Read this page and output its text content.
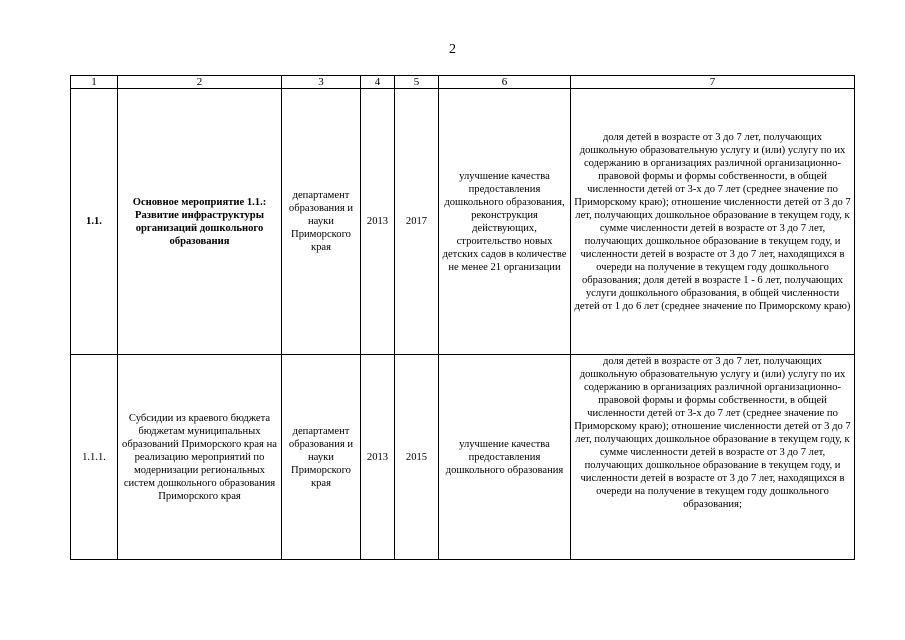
2
1	2	3	4	5	6	7
1.1.	Основное мероприятие 1.1.: Развитие инфраструктуры организаций дошкольного образования	департамент образования и науки Приморского края	2013	2017	улучшение качества предоставления дошкольного образования, реконструкция действующих, строительство новых детских садов в количестве не менее 21 организации	доля детей в возрасте от 3 до 7 лет, получающих дошкольную образовательную услугу и (или) услугу по их содержанию в организациях различной организационно-правовой формы и формы собственности, в общей численности детей от 3-х до 7 лет (среднее значение по Приморскому краю); отношение численности детей от 3 до 7 лет, получающих дошкольное образование в текущем году, к сумме численности детей в возрасте от 3 до 7 лет, получающих дошкольное образование в текущем году, и численности детей в возрасте от 3 до 7 лет, находящихся в очереди на получение в текущем году дошкольного образования; доля детей в возрасте 1 - 6 лет, получающих услуги дошкольного образования, в общей численности детей от 1 до 6 лет (среднее значение по Приморскому краю)
1.1.1.	Субсидии из краевого бюджета бюджетам муниципальных образований Приморского края на реализацию мероприятий по модернизации региональных систем дошкольного образования Приморского края	департамент образования и науки Приморского края	2013	2015	улучшение качества предоставления дошкольного образования	доля детей в возрасте от 3 до 7 лет, получающих дошкольную образовательную услугу и (или) услугу по их содержанию в организациях различной организационно-правовой формы и формы собственности, в общей численности детей от 3-х до 7 лет (среднее значение по Приморскому краю); отношение численности детей от 3 до 7 лет, получающих дошкольное образование в текущем году, к сумме численности детей в возрасте от 3 до 7 лет, получающих дошкольное образование в текущем году, и численности детей в возрасте от 3 до 7 лет, находящихся в очереди на получение в текущем году дошкольного образования;
